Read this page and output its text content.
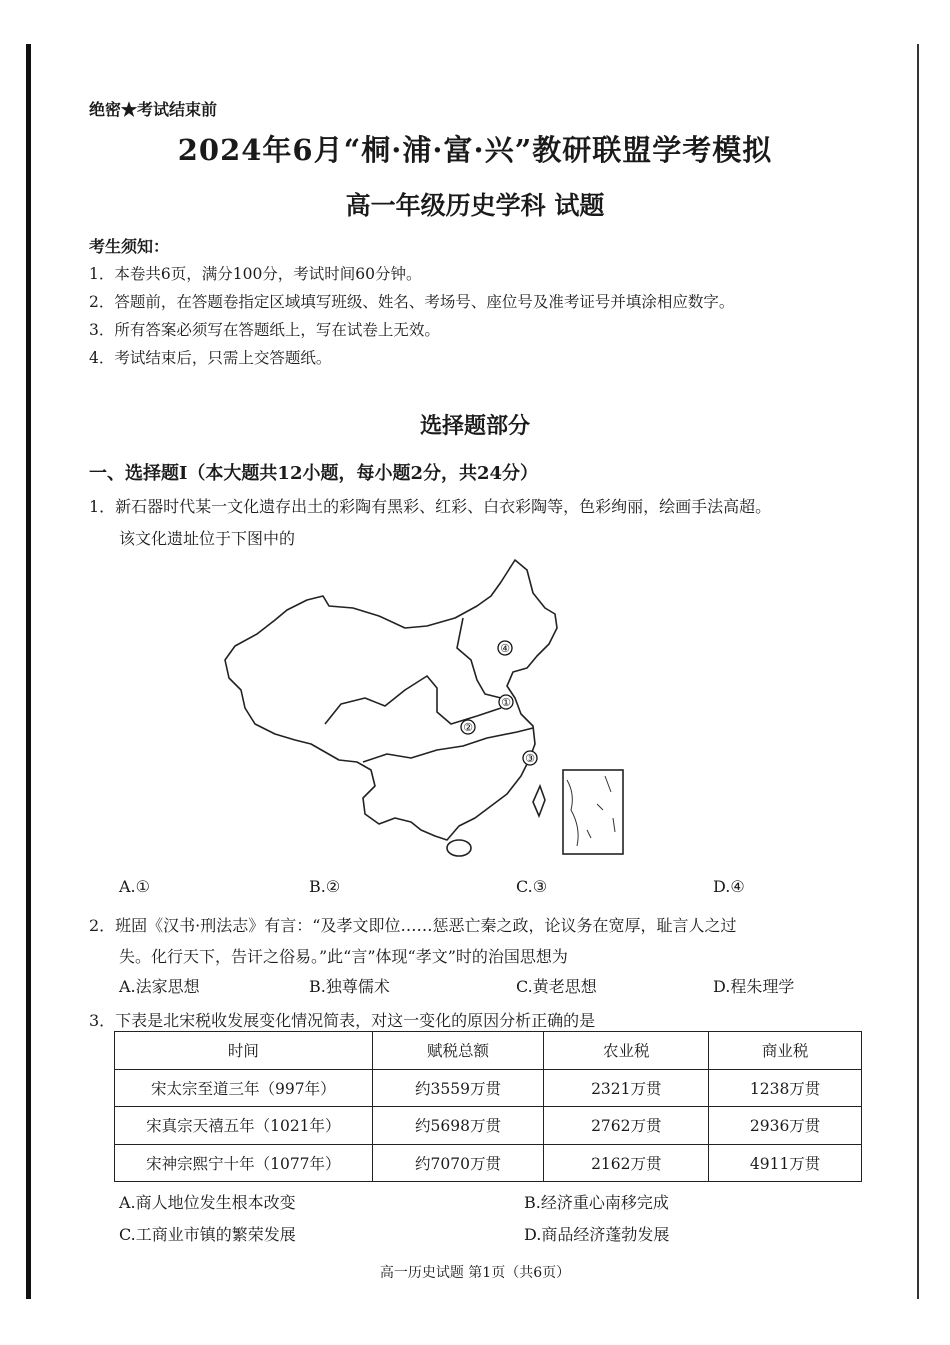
绝密★考试结束前
2024年6月“桐·浦·富·兴”教研联盟学考模拟
高一年级历史学科 试题
考生须知：
1．本卷共6页，满分100分，考试时间60分钟。
2．答题前，在答题卷指定区域填写班级、姓名、考场号、座位号及准考证号并填涂相应数字。
3．所有答案必须写在答题纸上，写在试卷上无效。
4．考试结束后，只需上交答题纸。
选择题部分
一、选择题Ⅰ（本大题共12小题，每小题2分，共24分）
1．新石器时代某一文化遗存出土的彩陶有黑彩、红彩、白衣彩陶等，色彩绚丽，绘画手法高超。
该文化遗址位于下图中的
④
①
②
③
A.①	B.②	C.③	D.④
2．班固《汉书·刑法志》有言：“及孝文即位……惩恶亡秦之政，论议务在宽厚，耻言人之过
失。化行天下，告讦之俗易。”此“言”体现“孝文”时的治国思想为
A.法家思想	B.独尊儒术	C.黄老思想	D.程朱理学
3．下表是北宋税收发展变化情况简表，对这一变化的原因分析正确的是
时间	赋税总额	农业税	商业税
宋太宗至道三年（997年）	约3559万贯	2321万贯	1238万贯
宋真宗天禧五年（1021年）	约5698万贯	2762万贯	2936万贯
宋神宗熙宁十年（1077年）	约7070万贯	2162万贯	4911万贯
A.商人地位发生根本改变	B.经济重心南移完成
C.工商业市镇的繁荣发展	D.商品经济蓬勃发展
高一历史试题 第1页（共6页）
